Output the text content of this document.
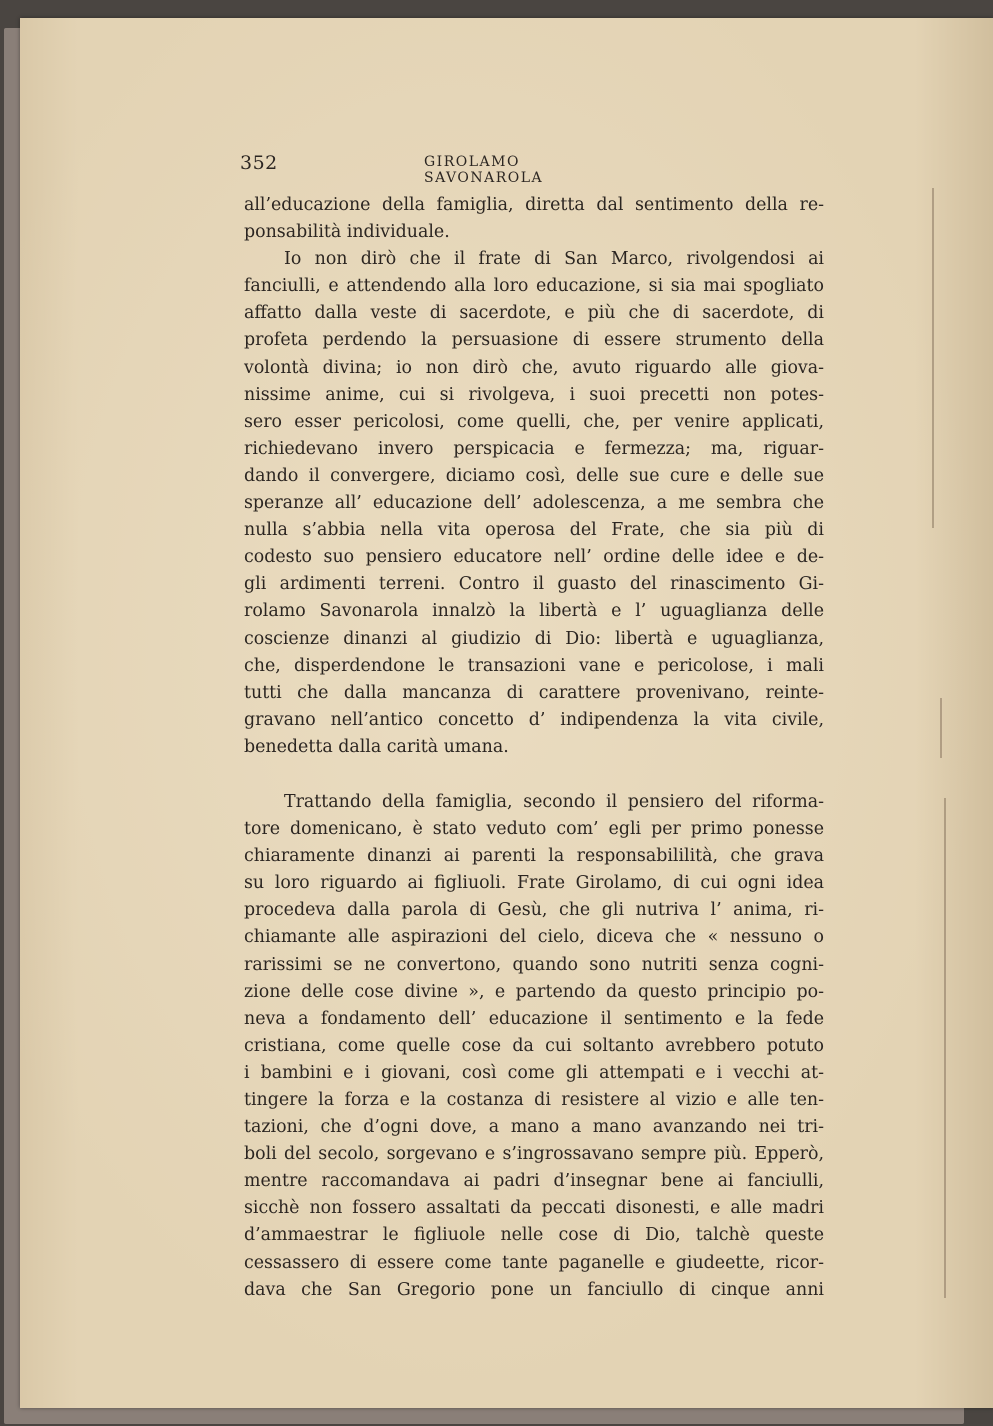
352	GIROLAMO SAVONAROLA
all’educazione della famiglia, diretta dal sentimento della re-
ponsabilità individuale.
Io non dirò che il frate di San Marco, rivolgendosi ai
fanciulli, e attendendo alla loro educazione, si sia mai spogliato
affatto dalla veste di sacerdote, e più che di sacerdote, di
profeta perdendo la persuasione di essere strumento della
volontà divina; io non dirò che, avuto riguardo alle giova-
nissime anime, cui si rivolgeva, i suoi precetti non potes-
sero esser pericolosi, come quelli, che, per venire applicati,
richiedevano invero perspicacia e fermezza; ma, riguar-
dando il convergere, diciamo così, delle sue cure e delle sue
speranze all’ educazione dell’ adolescenza, a me sembra che
nulla s’abbia nella vita operosa del Frate, che sia più di
codesto suo pensiero educatore nell’ ordine delle idee e de-
gli ardimenti terreni. Contro il guasto del rinascimento Gi-
rolamo Savonarola innalzò la libertà e l’ uguaglianza delle
coscienze dinanzi al giudizio di Dio: libertà e uguaglianza,
che, disperdendone le transazioni vane e pericolose, i mali
tutti che dalla mancanza di carattere provenivano, reinte-
gravano nell’antico concetto d’ indipendenza la vita civile,
benedetta dalla carità umana.
Trattando della famiglia, secondo il pensiero del riforma-
tore domenicano, è stato veduto com’ egli per primo ponesse
chiaramente dinanzi ai parenti la responsabililità, che grava
su loro riguardo ai figliuoli. Frate Girolamo, di cui ogni idea
procedeva dalla parola di Gesù, che gli nutriva l’ anima, ri-
chiamante alle aspirazioni del cielo, diceva che « nessuno o
rarissimi se ne convertono, quando sono nutriti senza cogni-
zione delle cose divine », e partendo da questo principio po-
neva a fondamento dell’ educazione il sentimento e la fede
cristiana, come quelle cose da cui soltanto avrebbero potuto
i bambini e i giovani, così come gli attempati e i vecchi at-
tingere la forza e la costanza di resistere al vizio e alle ten-
tazioni, che d’ogni dove, a mano a mano avanzando nei tri-
boli del secolo, sorgevano e s’ingrossavano sempre più. Epperò,
mentre raccomandava ai padri d’insegnar bene ai fanciulli,
sicchè non fossero assaltati da peccati disonesti, e alle madri
d’ammaestrar le figliuole nelle cose di Dio, talchè queste
cessassero di essere come tante paganelle e giudeette, ricor-
dava che San Gregorio pone un fanciullo di cinque anni
